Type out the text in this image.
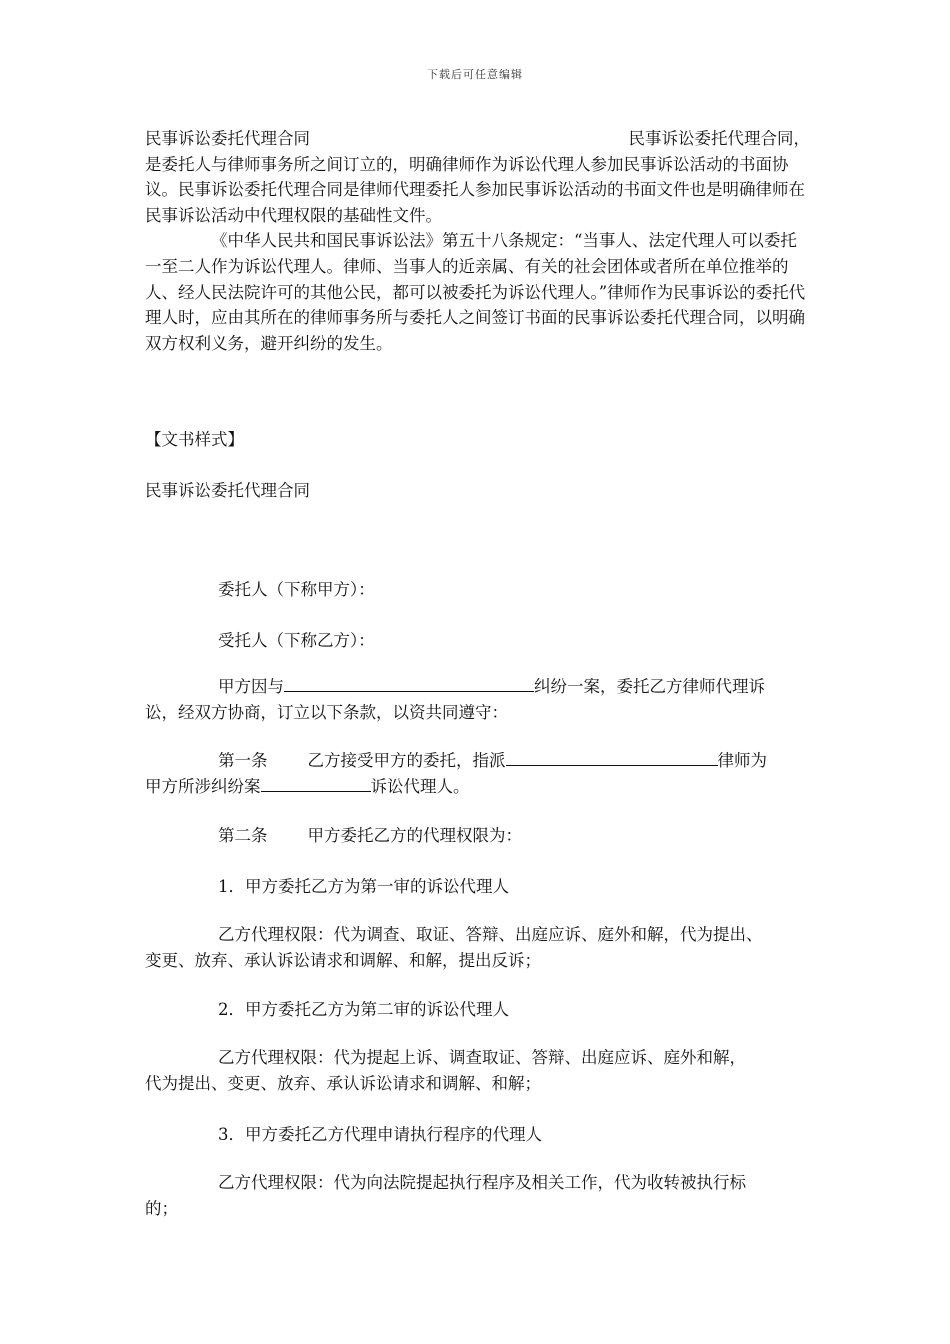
下载后可任意编辑
民事诉讼委托代理合同	民事诉讼委托代理合同，

是委托人与律师事务所之间订立的，明确律师作为诉讼代理人参加民事诉讼活动的书面协议。民事诉讼委托代理合同是律师代理委托人参加民事诉讼活动的书面文件也是明确律师在民事诉讼活动中代理权限的基础性文件。

《中华人民共和国民事诉讼法》第五十八条规定：“当事人、法定代理人可以委托一至二人作为诉讼代理人。律师、当事人的近亲属、有关的社会团体或者所在单位推举的人、经人民法院许可的其他公民，都可以被委托为诉讼代理人。”律师作为民事诉讼的委托代理人时，应由其所在的律师事务所与委托人之间签订书面的民事诉讼委托代理合同，以明确双方权利义务，避开纠纷的发生。

【文书样式】
民事诉讼委托代理合同
委托人（下称甲方）：
受托人（下称乙方）：

甲方因与	纠纷一案，委托乙方律师代理诉

讼，经双方协商，订立以下条款，以资共同遵守：

第一条 乙方接受甲方的委托，指派	律师为

甲方所涉纠纷案	诉讼代理人。

第二条 甲方委托乙方的代理权限为：
1．甲方委托乙方为第一审的诉讼代理人

乙方代理权限：代为调查、取证、答辩、出庭应诉、庭外和解，代为提出、

变更、放弃、承认诉讼请求和调解、和解，提出反诉；

2．甲方委托乙方为第二审的诉讼代理人

乙方代理权限：代为提起上诉、调查取证、答辩、出庭应诉、庭外和解，

代为提出、变更、放弃、承认诉讼请求和调解、和解；

3．甲方委托乙方代理申请执行程序的代理人

乙方代理权限：代为向法院提起执行程序及相关工作，代为收转被执行标

的；
